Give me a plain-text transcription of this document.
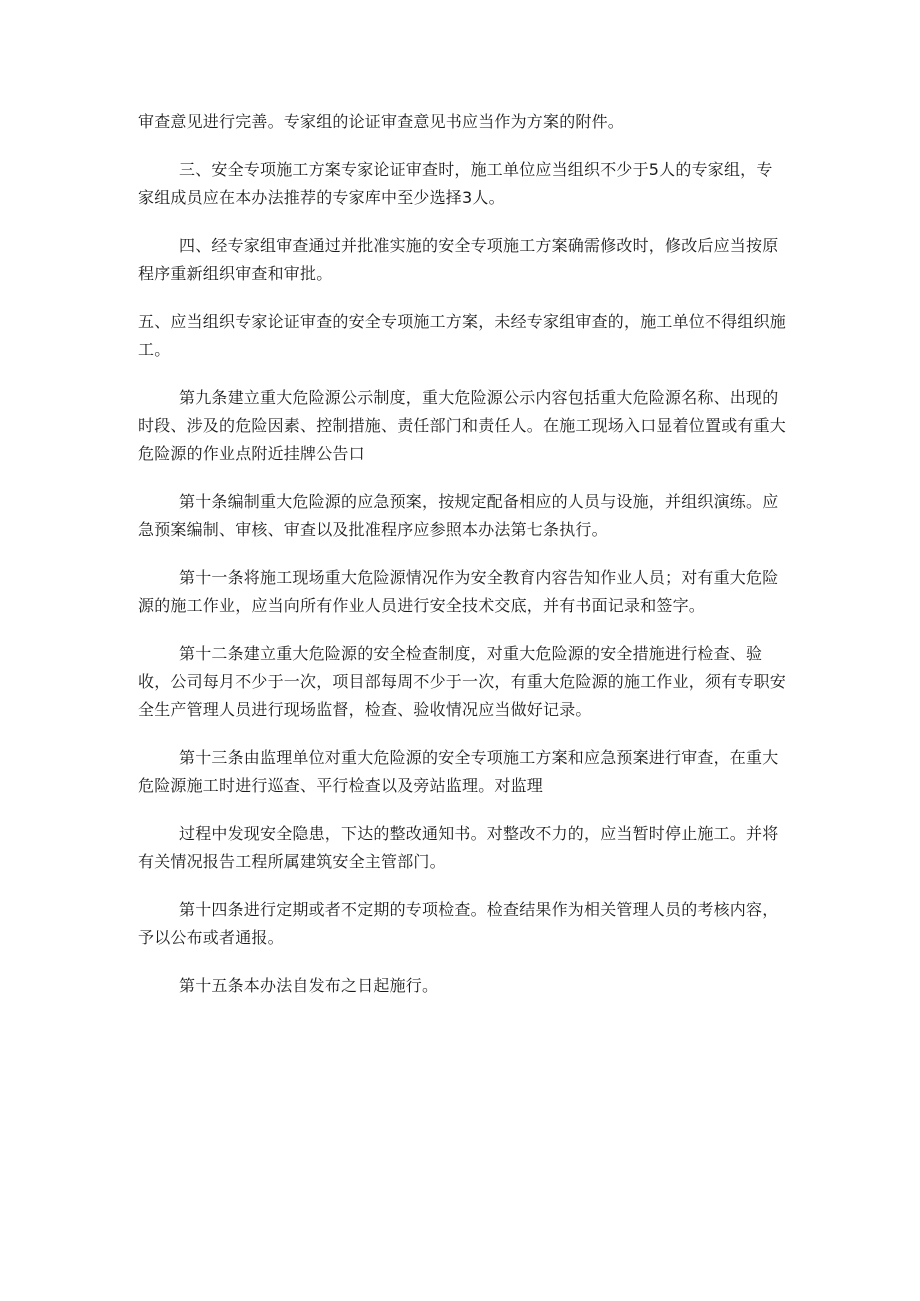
审查意见进行完善。专家组的论证审查意见书应当作为方案的附件。

三、安全专项施工方案专家论证审查时，施工单位应当组织不少于5人的专家组，专家组成员应在本办法推荐的专家库中至少选择3人。

四、经专家组审查通过并批准实施的安全专项施工方案确需修改时，修改后应当按原程序重新组织审查和审批。

五、应当组织专家论证审查的安全专项施工方案，未经专家组审查的，施工单位不得组织施工。

第九条建立重大危险源公示制度，重大危险源公示内容包括重大危险源名称、出现的时段、涉及的危险因素、控制措施、责任部门和责任人。在施工现场入口显着位置或有重大危险源的作业点附近挂牌公告口

第十条编制重大危险源的应急预案，按规定配备相应的人员与设施，并组织演练。应急预案编制、审核、审查以及批准程序应参照本办法第七条执行。

第十一条将施工现场重大危险源情况作为安全教育内容告知作业人员；对有重大危险源的施工作业，应当向所有作业人员进行安全技术交底，并有书面记录和签字。

第十二条建立重大危险源的安全检查制度，对重大危险源的安全措施进行检查、验收，公司每月不少于一次，项目部每周不少于一次，有重大危险源的施工作业，须有专职安全生产管理人员进行现场监督，检查、验收情况应当做好记录。

第十三条由监理单位对重大危险源的安全专项施工方案和应急预案进行审查，在重大危险源施工时进行巡查、平行检查以及旁站监理。对监理

过程中发现安全隐患，下达的整改通知书。对整改不力的，应当暂时停止施工。并将有关情况报告工程所属建筑安全主管部门。

第十四条进行定期或者不定期的专项检查。检查结果作为相关管理人员的考核内容，予以公布或者通报。

第十五条本办法自发布之日起施行。
